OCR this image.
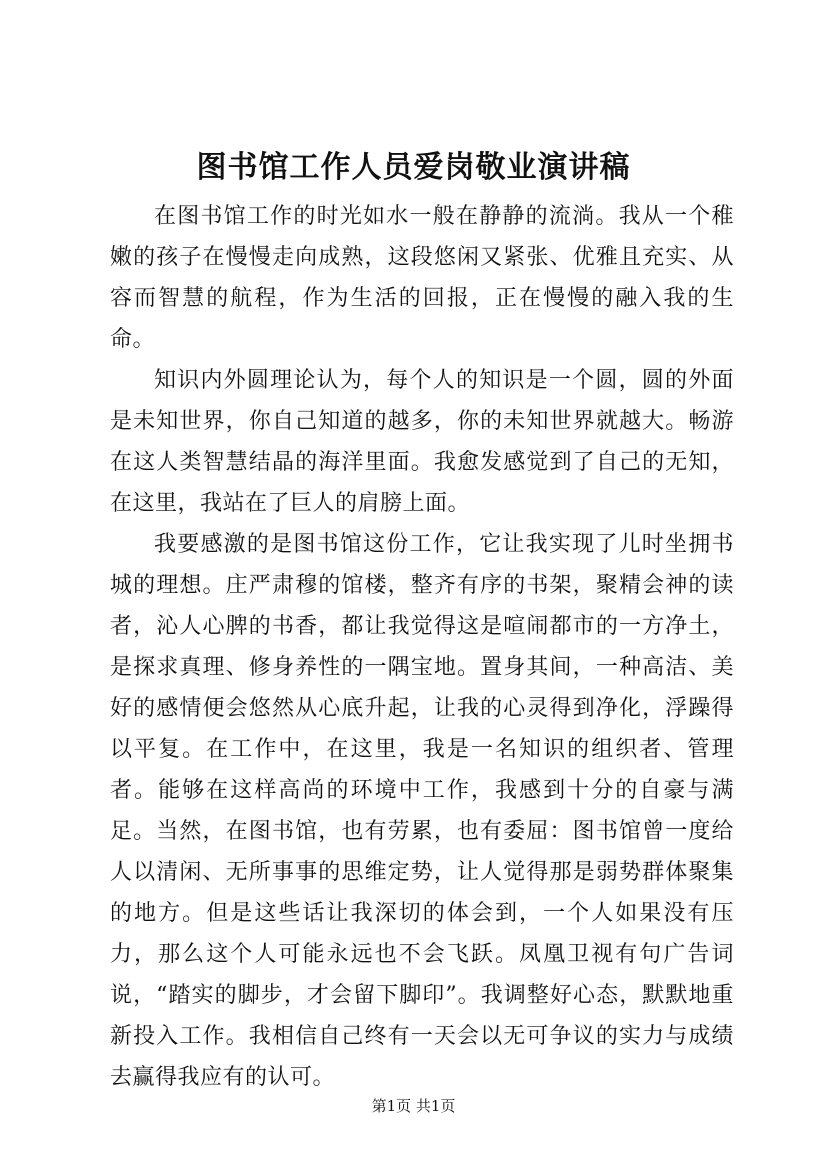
图书馆工作人员爱岗敬业演讲稿

在图书馆工作的时光如水一般在静静的流淌。我从一个稚嫩的孩子在慢慢走向成熟，这段悠闲又紧张、优雅且充实、从容而智慧的航程，作为生活的回报，正在慢慢的融入我的生命。

知识内外圆理论认为，每个人的知识是一个圆，圆的外面是未知世界，你自己知道的越多，你的未知世界就越大。畅游在这人类智慧结晶的海洋里面。我愈发感觉到了自己的无知，在这里，我站在了巨人的肩膀上面。

我要感激的是图书馆这份工作，它让我实现了儿时坐拥书城的理想。庄严肃穆的馆楼，整齐有序的书架，聚精会神的读者，沁人心脾的书香，都让我觉得这是喧闹都市的一方净土，是探求真理、修身养性的一隅宝地。置身其间，一种高洁、美好的感情便会悠然从心底升起，让我的心灵得到净化，浮躁得以平复。在工作中，在这里，我是一名知识的组织者、管理者。能够在这样高尚的环境中工作，我感到十分的自豪与满足。当然，在图书馆，也有劳累，也有委屈：图书馆曾一度给人以清闲、无所事事的思维定势，让人觉得那是弱势群体聚集的地方。但是这些话让我深切的体会到，一个人如果没有压力，那么这个人可能永远也不会飞跃。凤凰卫视有句广告词说，“踏实的脚步，才会留下脚印”。我调整好心态，默默地重新投入工作。我相信自己终有一天会以无可争议的实力与成绩去赢得我应有的认可。

第1页 共1页
